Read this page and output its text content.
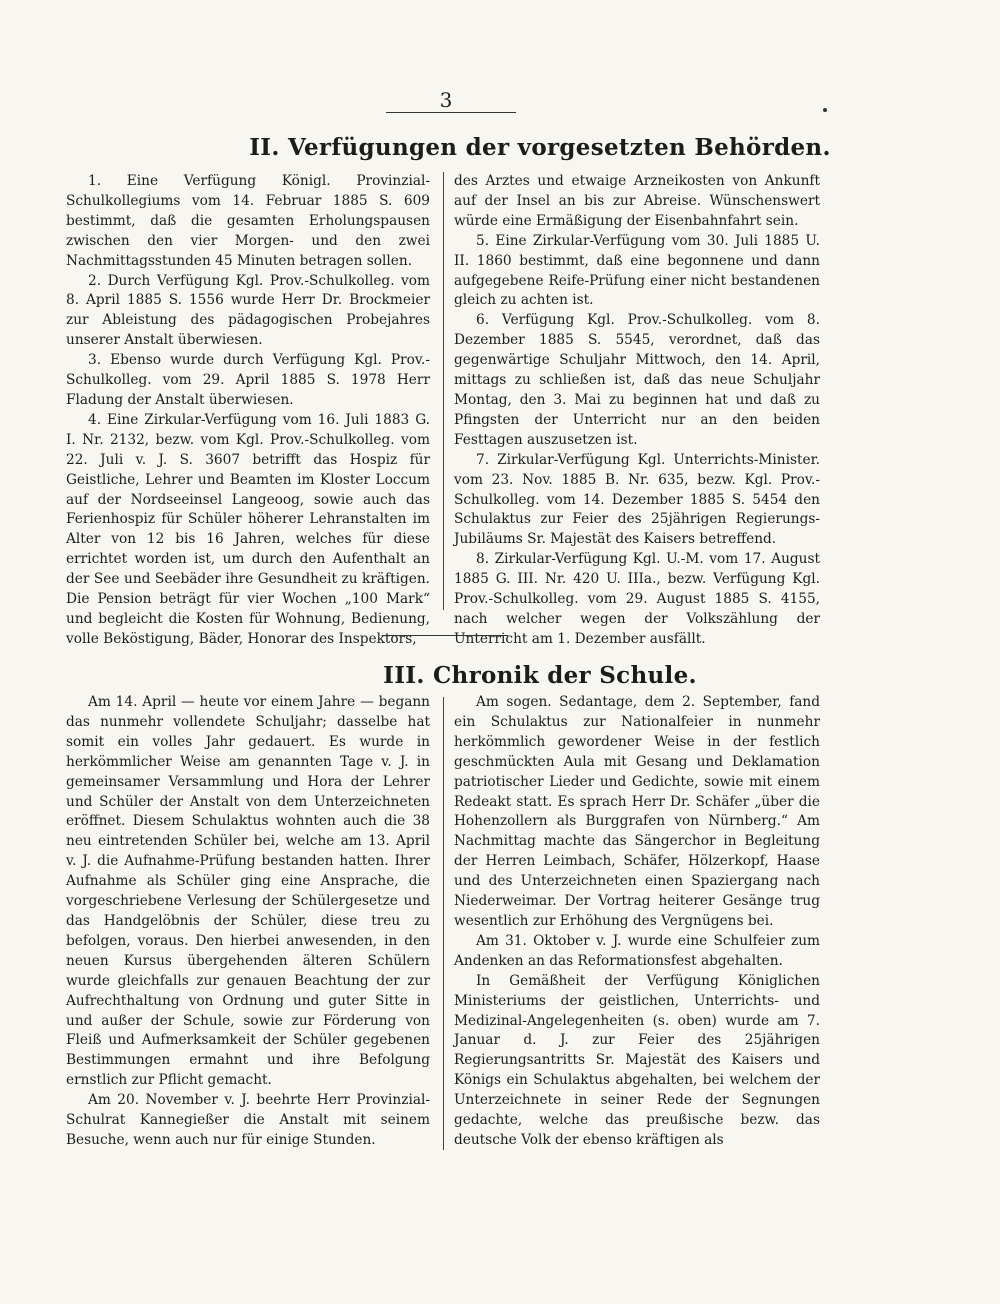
3
II. Verfügungen der vorgesetzten Behörden.

1. Eine Verfügung Königl. Provinzial-Schulkollegiums vom 14. Februar 1885 S. 609 bestimmt, daß die gesamten Erholungspausen zwischen den vier Morgen- und den zwei Nachmittagsstunden 45 Minuten betragen sollen.

2. Durch Verfügung Kgl. Prov.-Schulkolleg. vom 8. April 1885 S. 1556 wurde Herr Dr. Brockmeier zur Ableistung des pädagogischen Probejahres unserer Anstalt überwiesen.

3. Ebenso wurde durch Verfügung Kgl. Prov.-Schulkolleg. vom 29. April 1885 S. 1978 Herr Fladung der Anstalt überwiesen.

4. Eine Zirkular-Verfügung vom 16. Juli 1883 G. I. Nr. 2132, bezw. vom Kgl. Prov.-Schulkolleg. vom 22. Juli v. J. S. 3607 betrifft das Hospiz für Geistliche, Lehrer und Beamten im Kloster Loccum auf der Nordseeinsel Langeoog, sowie auch das Ferienhospiz für Schüler höherer Lehranstalten im Alter von 12 bis 16 Jahren, welches für diese errichtet worden ist, um durch den Aufenthalt an der See und Seebäder ihre Gesundheit zu kräftigen. Die Pension beträgt für vier Wochen „100 Mark“ und begleicht die Kosten für Wohnung, Bedienung, volle Beköstigung, Bäder, Honorar des Inspektors,

des Arztes und etwaige Arzneikosten von Ankunft auf der Insel an bis zur Abreise. Wünschenswert würde eine Ermäßigung der Eisenbahnfahrt sein.

5. Eine Zirkular-Verfügung vom 30. Juli 1885 U. II. 1860 bestimmt, daß eine begonnene und dann aufgegebene Reife-Prüfung einer nicht bestandenen gleich zu achten ist.

6. Verfügung Kgl. Prov.-Schulkolleg. vom 8. Dezember 1885 S. 5545, verordnet, daß das gegenwärtige Schuljahr Mittwoch, den 14. April, mittags zu schließen ist, daß das neue Schuljahr Montag, den 3. Mai zu beginnen hat und daß zu Pfingsten der Unterricht nur an den beiden Festtagen auszusetzen ist.

7. Zirkular-Verfügung Kgl. Unterrichts-Minister. vom 23. Nov. 1885 B. Nr. 635, bezw. Kgl. Prov.-Schulkolleg. vom 14. Dezember 1885 S. 5454 den Schulaktus zur Feier des 25jährigen Regierungs-Jubiläums Sr. Majestät des Kaisers betreffend.

8. Zirkular-Verfügung Kgl. U.-M. vom 17. August 1885 G. III. Nr. 420 U. IIIa., bezw. Verfügung Kgl. Prov.-Schulkolleg. vom 29. August 1885 S. 4155, nach welcher wegen der Volkszählung der Unterricht am 1. Dezember ausfällt.

III. Chronik der Schule.

Am 14. April — heute vor einem Jahre — begann das nunmehr vollendete Schuljahr; dasselbe hat somit ein volles Jahr gedauert. Es wurde in herkömmlicher Weise am genannten Tage v. J. in gemeinsamer Versammlung und Hora der Lehrer und Schüler der Anstalt von dem Unterzeichneten eröffnet. Diesem Schulaktus wohnten auch die 38 neu eintretenden Schüler bei, welche am 13. April v. J. die Aufnahme-Prüfung bestanden hatten. Ihrer Aufnahme als Schüler ging eine Ansprache, die vorgeschriebene Verlesung der Schülergesetze und das Handgelöbnis der Schüler, diese treu zu befolgen, voraus. Den hierbei anwesenden, in den neuen Kursus übergehenden älteren Schülern wurde gleichfalls zur genauen Beachtung der zur Aufrechthaltung von Ordnung und guter Sitte in und außer der Schule, sowie zur Förderung von Fleiß und Aufmerksamkeit der Schüler gegebenen Bestimmungen ermahnt und ihre Befolgung ernstlich zur Pflicht gemacht.

Am 20. November v. J. beehrte Herr Provinzial-Schulrat Kannegießer die Anstalt mit seinem Besuche, wenn auch nur für einige Stunden.

Am sogen. Sedantage, dem 2. September, fand ein Schulaktus zur Nationalfeier in nunmehr herkömmlich gewordener Weise in der festlich geschmückten Aula mit Gesang und Deklamation patriotischer Lieder und Gedichte, sowie mit einem Redeakt statt. Es sprach Herr Dr. Schäfer „über die Hohenzollern als Burggrafen von Nürnberg.“ Am Nachmittag machte das Sängerchor in Begleitung der Herren Leimbach, Schäfer, Hölzerkopf, Haase und des Unterzeichneten einen Spaziergang nach Niederweimar. Der Vortrag heiterer Gesänge trug wesentlich zur Erhöhung des Vergnügens bei.

Am 31. Oktober v. J. wurde eine Schulfeier zum Andenken an das Reformationsfest abgehalten.

In Gemäßheit der Verfügung Königlichen Ministeriums der geistlichen, Unterrichts- und Medizinal-Angelegenheiten (s. oben) wurde am 7. Januar d. J. zur Feier des 25jährigen Regierungsantritts Sr. Majestät des Kaisers und Königs ein Schulaktus abgehalten, bei welchem der Unterzeichnete in seiner Rede der Segnungen gedachte, welche das preußische bezw. das deutsche Volk der ebenso kräftigen als
